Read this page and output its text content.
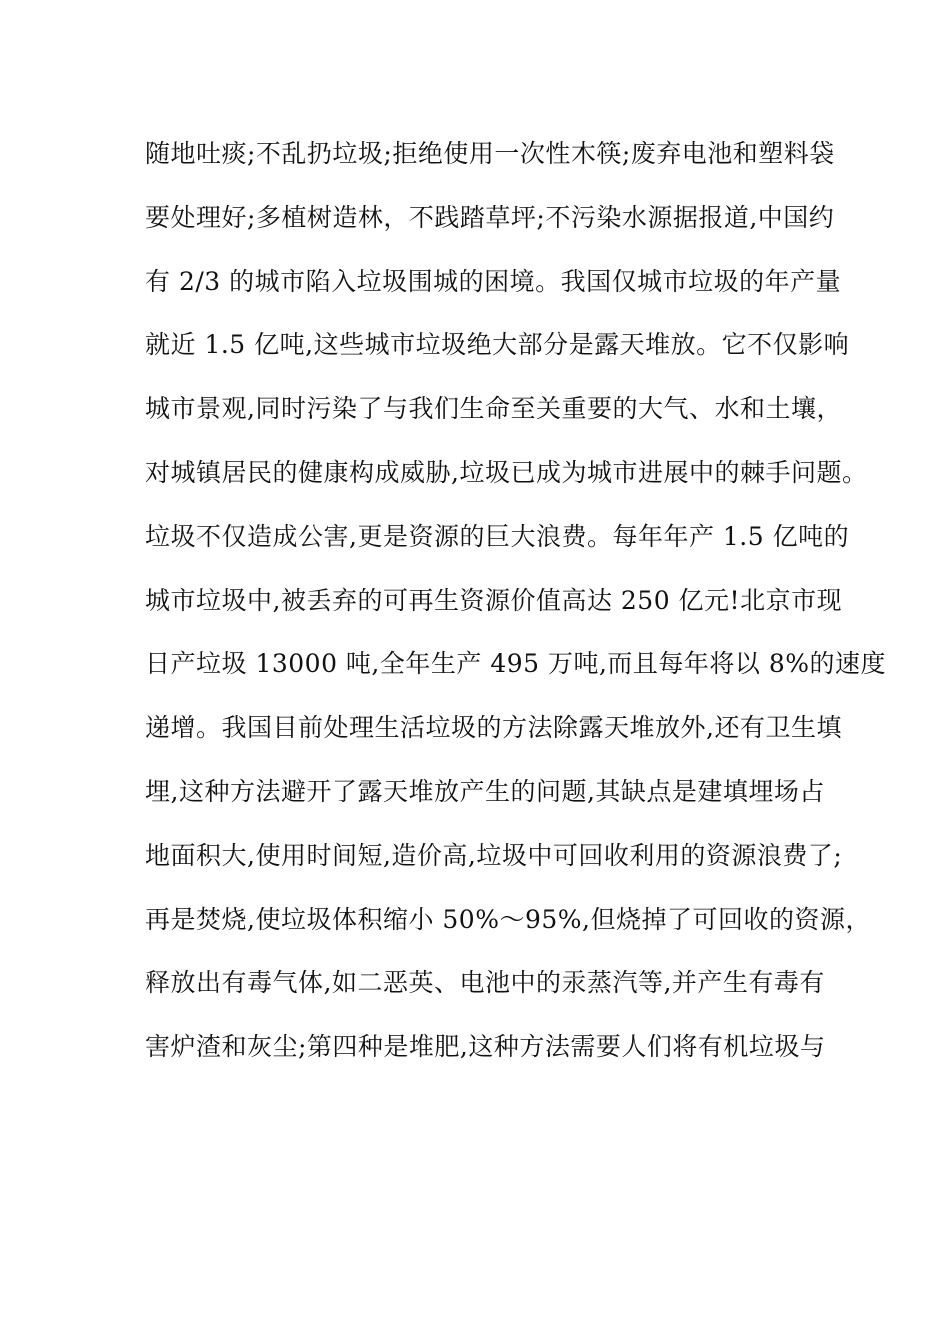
随地吐痰;不乱扔垃圾;拒绝使用一次性木筷;废弃电池和塑料袋
要处理好;多植树造林，不践踏草坪;不污染水源据报道,中国约
有 2/3 的城市陷入垃圾围城的困境。我国仅城市垃圾的年产量
就近 1.5 亿吨,这些城市垃圾绝大部分是露天堆放。它不仅影响
城市景观,同时污染了与我们生命至关重要的大气、水和土壤，
对城镇居民的健康构成威胁,垃圾已成为城市进展中的棘手问题。
垃圾不仅造成公害,更是资源的巨大浪费。每年年产 1.5 亿吨的
城市垃圾中,被丢弃的可再生资源价值高达 250 亿元!北京市现
日产垃圾 13000 吨,全年生产 495 万吨,而且每年将以 8%的速度
递增。我国目前处理生活垃圾的方法除露天堆放外,还有卫生填
埋,这种方法避开了露天堆放产生的问题,其缺点是建填埋场占
地面积大,使用时间短,造价高,垃圾中可回收利用的资源浪费了;
再是焚烧,使垃圾体积缩小 50%～95%,但烧掉了可回收的资源，
释放出有毒气体,如二恶英、电池中的汞蒸汽等,并产生有毒有
害炉渣和灰尘;第四种是堆肥,这种方法需要人们将有机垃圾与
